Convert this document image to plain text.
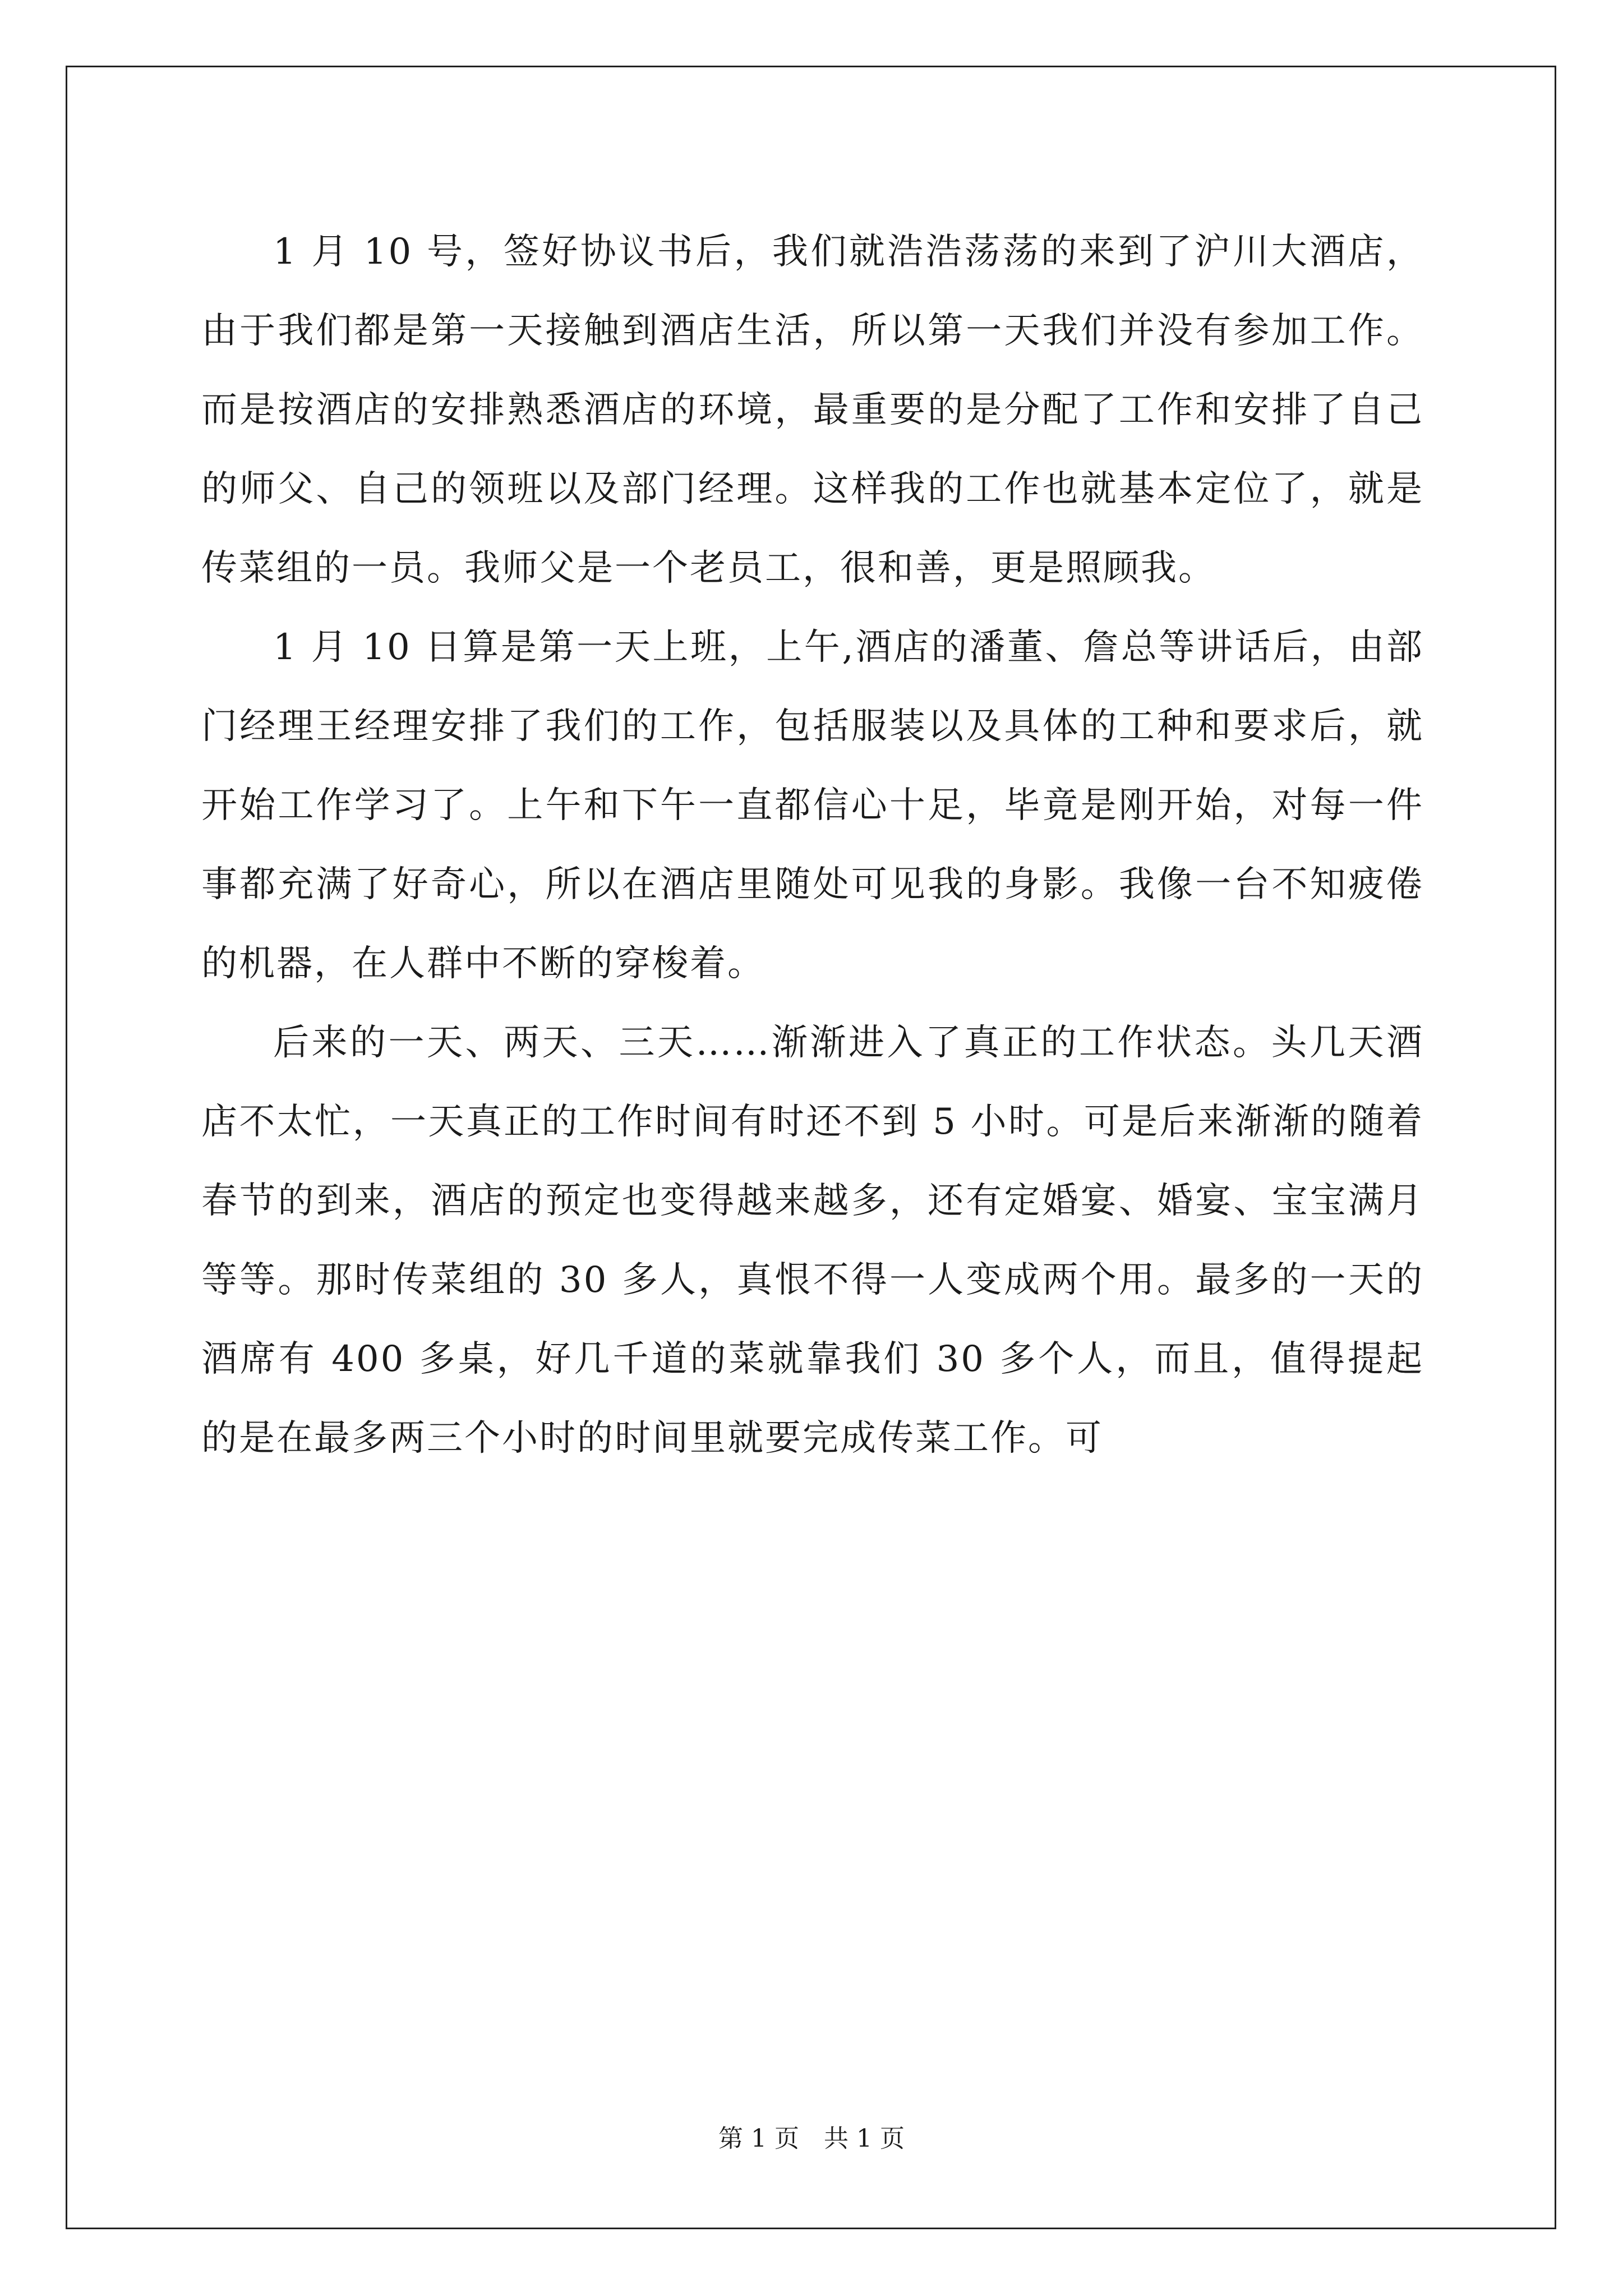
1 月 10 号，签好协议书后，我们就浩浩荡荡的来到了沪川大酒店，由于我们都是第一天接触到酒店生活，所以第一天我们并没有参加工作。而是按酒店的安排熟悉酒店的环境，最重要的是分配了工作和安排了自己的师父、自己的领班以及部门经理。这样我的工作也就基本定位了，就是传菜组的一员。我师父是一个老员工，很和善，更是照顾我。

1 月 10 日算是第一天上班，上午,酒店的潘董、詹总等讲话后，由部门经理王经理安排了我们的工作，包括服装以及具体的工种和要求后，就开始工作学习了。上午和下午一直都信心十足，毕竟是刚开始，对每一件事都充满了好奇心，所以在酒店里随处可见我的身影。我像一台不知疲倦的机器，在人群中不断的穿梭着。

后来的一天、两天、三天……渐渐进入了真正的工作状态。头几天酒店不太忙，一天真正的工作时间有时还不到 5 小时。可是后来渐渐的随着春节的到来，酒店的预定也变得越来越多，还有定婚宴、婚宴、宝宝满月等等。那时传菜组的 30 多人，真恨不得一人变成两个用。最多的一天的酒席有 400 多桌，好几千道的菜就靠我们 30 多个人，而且，值得提起的是在最多两三个小时的时间里就要完成传菜工作。可

第 1 页　共 1 页
